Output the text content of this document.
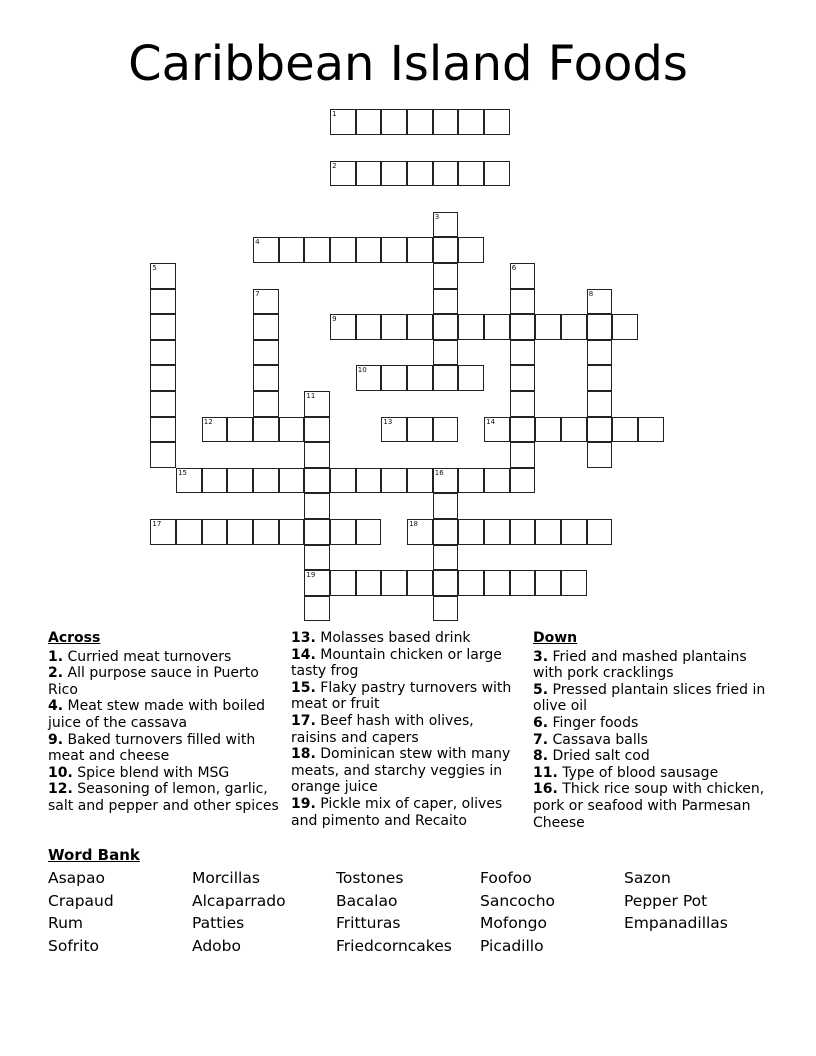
Caribbean Island Foods
1
2
3
4
5	6
7	8
9
10
11
19
12	13	14
15	16
17	18
Across
1. Curried meat turnovers
2. All purpose sauce in Puerto Rico
4. Meat stew made with boiled juice of the cassava
9. Baked turnovers filled with meat and cheese
10. Spice blend with MSG
12. Seasoning of lemon, garlic, salt and pepper and other spices
13. Molasses based drink
14. Mountain chicken or large tasty frog
15. Flaky pastry turnovers with meat or fruit
17. Beef hash with olives, raisins and capers
18. Dominican stew with many meats, and starchy veggies in orange juice
19. Pickle mix of caper, olives and pimento and Recaito
Down
3. Fried and mashed plantains with pork cracklings
5. Pressed plantain slices fried in olive oil
6. Finger foods
7. Cassava balls
8. Dried salt cod
11. Type of blood sausage
16. Thick rice soup with chicken, pork or seafood with Parmesan Cheese
Word Bank
Asapao
Crapaud
Rum
Sofrito
Morcillas
Alcaparrado
Patties
Adobo
Tostones
Bacalao
Fritturas
Friedcorncakes
Foofoo
Sancocho
Mofongo
Picadillo
Sazon
Pepper Pot
Empanadillas
